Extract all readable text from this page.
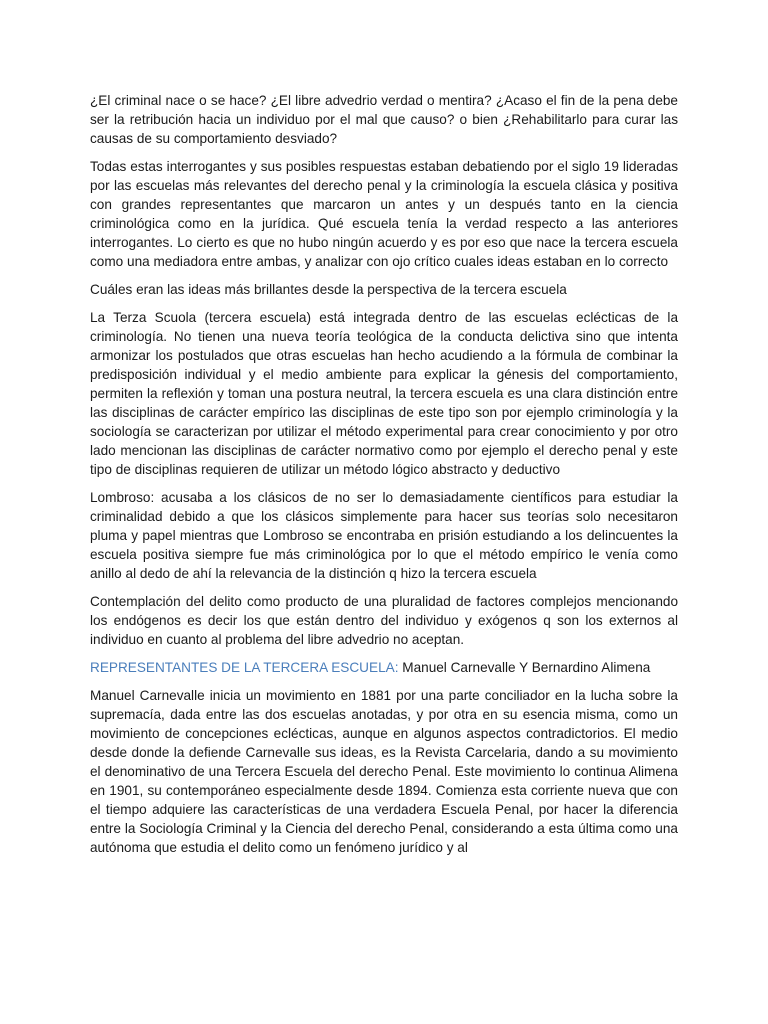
¿El criminal nace o se hace? ¿El libre advedrio verdad o mentira? ¿Acaso el fin de la pena debe ser la retribución hacia un individuo por el mal que causo? o bien ¿Rehabilitarlo para curar las causas de su comportamiento desviado?

Todas estas interrogantes y sus posibles respuestas estaban debatiendo por el siglo 19 lideradas por las escuelas más relevantes del derecho penal y la criminología la escuela clásica y positiva con grandes representantes que marcaron un antes y un después tanto en la ciencia criminológica como en la jurídica. Qué escuela tenía la verdad respecto a las anteriores interrogantes. Lo cierto es que no hubo ningún acuerdo y es por eso que nace la tercera escuela como una mediadora entre ambas, y analizar con ojo crítico cuales ideas estaban en lo correcto

Cuáles eran las ideas más brillantes desde la perspectiva de la tercera escuela

La Terza Scuola (tercera escuela) está integrada dentro de las escuelas eclécticas de la criminología. No tienen una nueva teoría teológica de la conducta delictiva sino que intenta armonizar los postulados que otras escuelas han hecho acudiendo a la fórmula de combinar la predisposición individual y el medio ambiente para explicar la génesis del comportamiento, permiten la reflexión y toman una postura neutral, la tercera escuela es una clara distinción entre las disciplinas de carácter empírico las disciplinas de este tipo son por ejemplo criminología y la sociología se caracterizan por utilizar el método experimental para crear conocimiento y por otro lado mencionan las disciplinas de carácter normativo como por ejemplo el derecho penal y este tipo de disciplinas requieren de utilizar un método lógico abstracto y deductivo

Lombroso: acusaba a los clásicos de no ser lo demasiadamente científicos para estudiar la criminalidad debido a que los clásicos simplemente para hacer sus teorías solo necesitaron pluma y papel mientras que Lombroso se encontraba en prisión estudiando a los delincuentes la escuela positiva siempre fue más criminológica por lo que el método empírico le venía como anillo al dedo de ahí la relevancia de la distinción q hizo la tercera escuela

Contemplación del delito como producto de una pluralidad de factores complejos mencionando los endógenos es decir los que están dentro del individuo y exógenos q son los externos al individuo en cuanto al problema del libre advedrio no aceptan.

REPRESENTANTES DE LA TERCERA ESCUELA: Manuel Carnevalle Y Bernardino Alimena

Manuel Carnevalle inicia un movimiento en 1881 por una parte conciliador en la lucha sobre la supremacía, dada entre las dos escuelas anotadas, y por otra en su esencia misma, como un movimiento de concepciones eclécticas, aunque en algunos aspectos contradictorios. El medio desde donde la defiende Carnevalle sus ideas, es la Revista Carcelaria, dando a su movimiento el denominativo de una Tercera Escuela del derecho Penal. Este movimiento lo continua Alimena en 1901, su contemporáneo especialmente desde 1894. Comienza esta corriente nueva que con el tiempo adquiere las características de una verdadera Escuela Penal, por hacer la diferencia entre la Sociología Criminal y la Ciencia del derecho Penal, considerando a esta última como una autónoma que estudia el delito como un fenómeno jurídico y al
